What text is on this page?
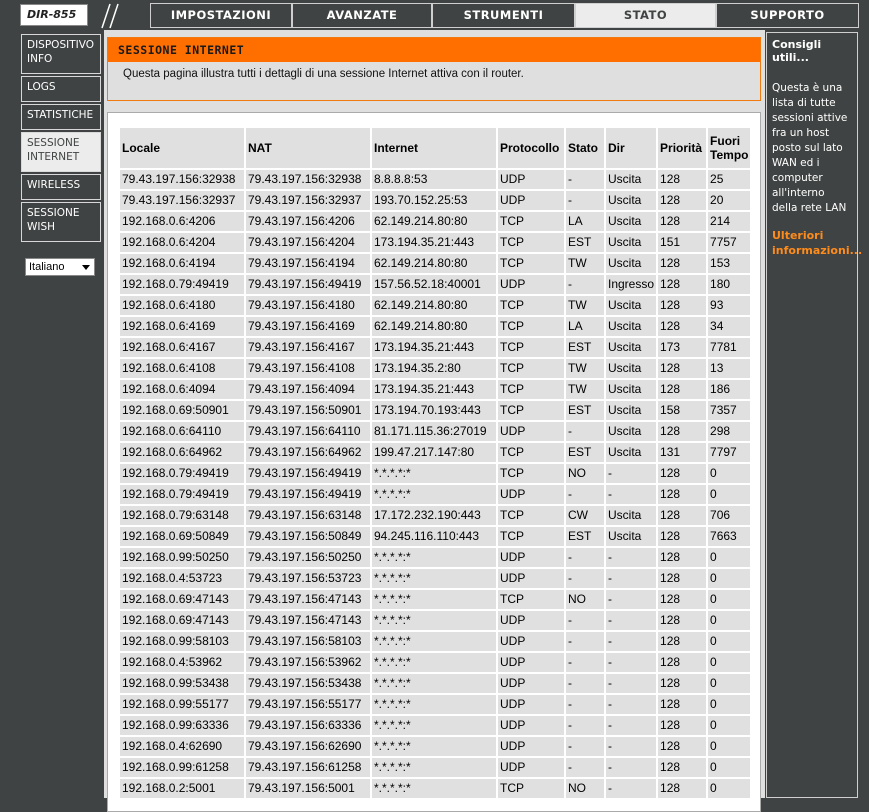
DIR-855	IMPOSTAZIONI	AVANZATE	STRUMENTI	STATO	SUPPORTO
DISPOSITIVO INFO
LOGS
STATISTICHE
SESSIONE INTERNET
WIRELESS
SESSIONE WISH
Italiano
SESSIONE INTERNET
Questa pagina illustra tutti i dettagli di una sessione Internet attiva con il router.
Locale	NAT	Internet	Protocollo	Stato	Dir	Priorità	Fuori Tempo
79.43.197.156:32938	79.43.197.156:32938	8.8.8.8:53	UDP	-	Uscita	128	25
79.43.197.156:32937	79.43.197.156:32937	193.70.152.25:53	UDP	-	Uscita	128	20
192.168.0.6:4206	79.43.197.156:4206	62.149.214.80:80	TCP	LA	Uscita	128	214
192.168.0.6:4204	79.43.197.156:4204	173.194.35.21:443	TCP	EST	Uscita	151	7757
192.168.0.6:4194	79.43.197.156:4194	62.149.214.80:80	TCP	TW	Uscita	128	153
192.168.0.79:49419	79.43.197.156:49419	157.56.52.18:40001	UDP	-	Ingresso	128	180
192.168.0.6:4180	79.43.197.156:4180	62.149.214.80:80	TCP	TW	Uscita	128	93
192.168.0.6:4169	79.43.197.156:4169	62.149.214.80:80	TCP	LA	Uscita	128	34
192.168.0.6:4167	79.43.197.156:4167	173.194.35.21:443	TCP	EST	Uscita	173	7781
192.168.0.6:4108	79.43.197.156:4108	173.194.35.2:80	TCP	TW	Uscita	128	13
192.168.0.6:4094	79.43.197.156:4094	173.194.35.21:443	TCP	TW	Uscita	128	186
192.168.0.69:50901	79.43.197.156:50901	173.194.70.193:443	TCP	EST	Uscita	158	7357
192.168.0.6:64110	79.43.197.156:64110	81.171.115.36:27019	UDP	-	Uscita	128	298
192.168.0.6:64962	79.43.197.156:64962	199.47.217.147:80	TCP	EST	Uscita	131	7797
192.168.0.79:49419	79.43.197.156:49419	*.*.*.*:*	TCP	NO	-	128	0
192.168.0.79:49419	79.43.197.156:49419	*.*.*.*:*	UDP	-	-	128	0
192.168.0.79:63148	79.43.197.156:63148	17.172.232.190:443	TCP	CW	Uscita	128	706
192.168.0.69:50849	79.43.197.156:50849	94.245.116.110:443	TCP	EST	Uscita	128	7663
192.168.0.99:50250	79.43.197.156:50250	*.*.*.*:*	UDP	-	-	128	0
192.168.0.4:53723	79.43.197.156:53723	*.*.*.*:*	UDP	-	-	128	0
192.168.0.69:47143	79.43.197.156:47143	*.*.*.*:*	TCP	NO	-	128	0
192.168.0.69:47143	79.43.197.156:47143	*.*.*.*:*	UDP	-	-	128	0
192.168.0.99:58103	79.43.197.156:58103	*.*.*.*:*	UDP	-	-	128	0
192.168.0.4:53962	79.43.197.156:53962	*.*.*.*:*	UDP	-	-	128	0
192.168.0.99:53438	79.43.197.156:53438	*.*.*.*:*	UDP	-	-	128	0
192.168.0.99:55177	79.43.197.156:55177	*.*.*.*:*	UDP	-	-	128	0
192.168.0.99:63336	79.43.197.156:63336	*.*.*.*:*	UDP	-	-	128	0
192.168.0.4:62690	79.43.197.156:62690	*.*.*.*:*	UDP	-	-	128	0
192.168.0.99:61258	79.43.197.156:61258	*.*.*.*:*	UDP	-	-	128	0
192.168.0.2:5001	79.43.197.156:5001	*.*.*.*:*	TCP	NO	-	128	0
Consigli utili...
Questa è una lista di tutte sessioni attive fra un host posto sul lato WAN ed i computer all'interno della rete LAN
Ulteriori informazioni...
